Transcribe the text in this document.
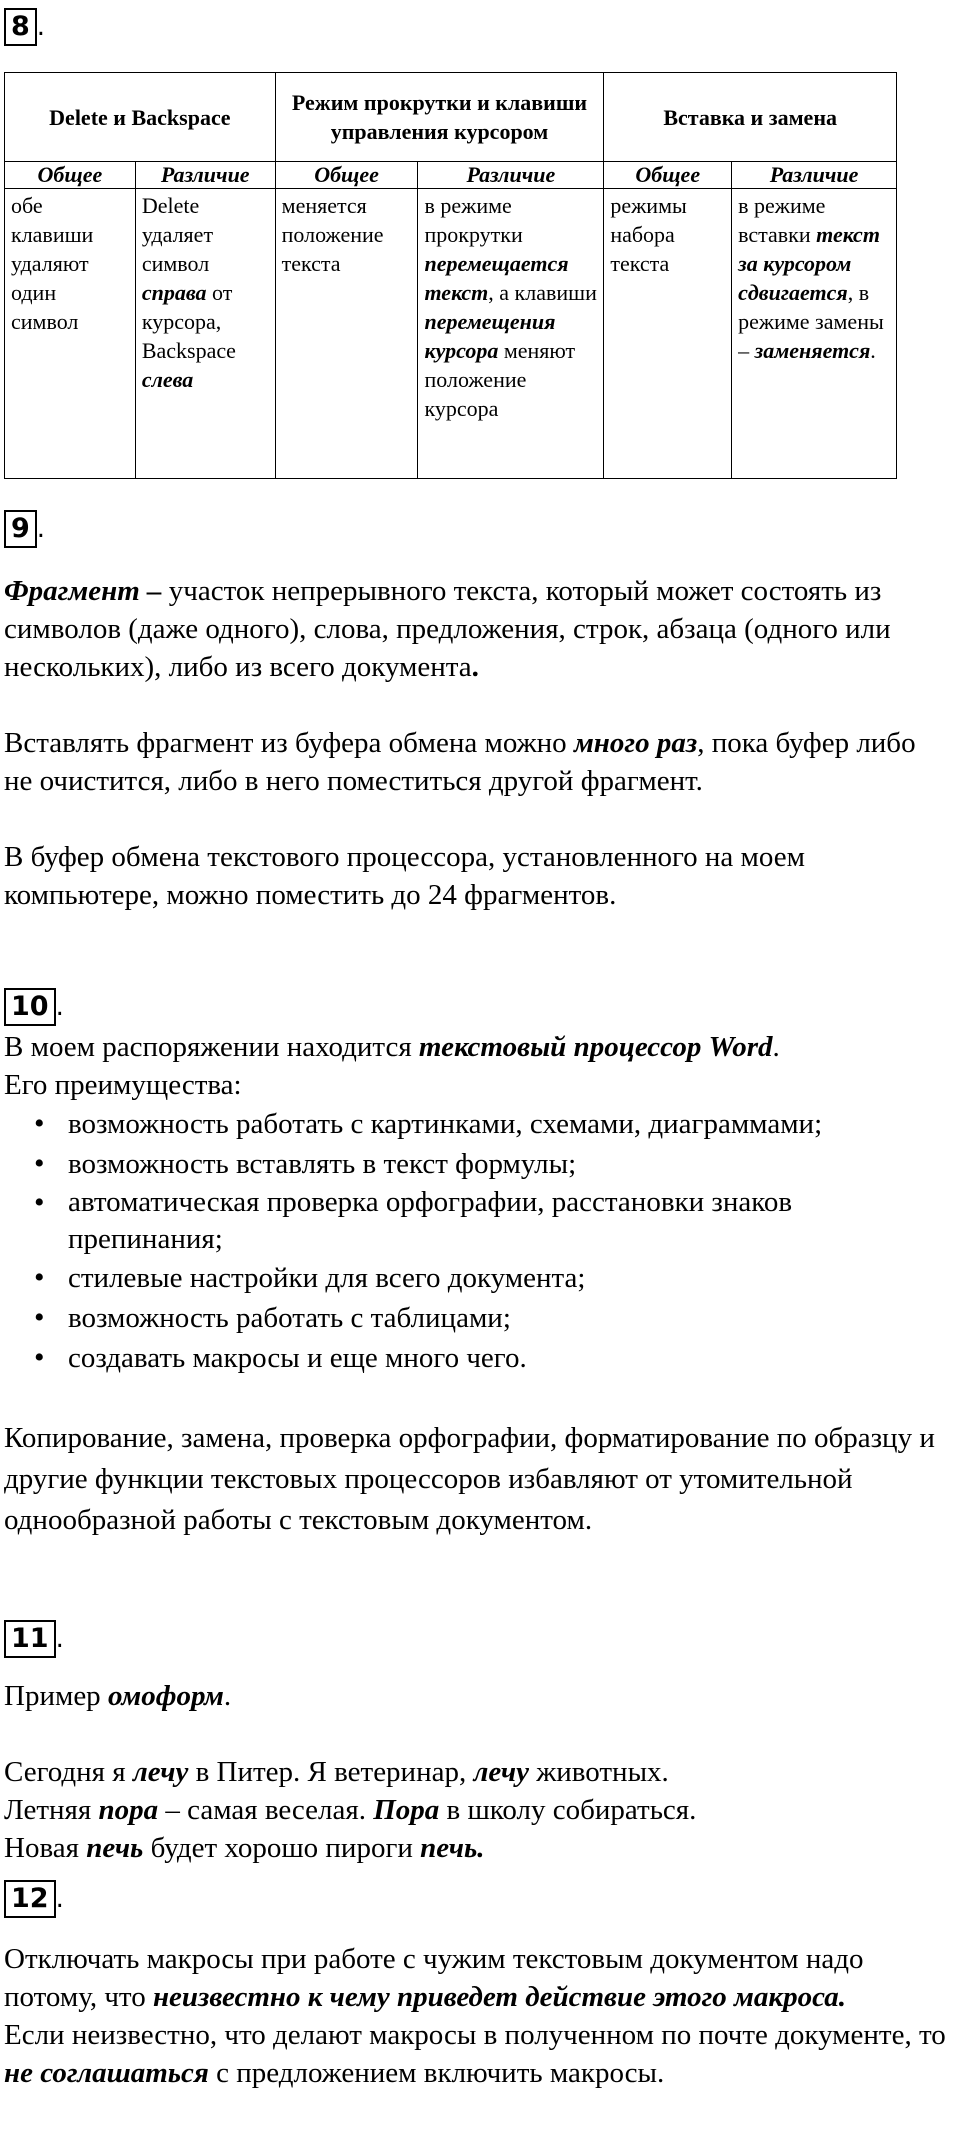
8 .
Delete и Backspace		Режим прокрутки и клавиши управления курсором		Вставка и замена	
Общее	Различие	Общее	Различие	Общее	Различие
обе клавиши удаляют один символ	Delete удаляет символ справа от курсора, Backspace слева	меняется положение текста	в режиме прокрутки перемещается текст, а клавиши перемещения курсора меняют положение курсора	режимы набора текста	в режиме вставки текст за курсором сдвигается, в режиме замены – заменяется.
9 .

Фрагмент – участок непрерывного текста, который может состоять из символов (даже одного), слова, предложения, строк, абзаца (одного или нескольких), либо из всего документа.

Вставлять фрагмент из буфера обмена можно много раз, пока буфер либо не очистится, либо в него поместиться другой фрагмент.

В буфер обмена текстового процессора, установленного на моем компьютере, можно поместить до 24 фрагментов.

10 .

В моем распоряжении находится текстовый процессор Word.

Его преимущества:

• возможность работать с картинками, схемами, диаграммами;
• возможность вставлять в текст формулы;
• автоматическая проверка орфографии, расстановки знаков препинания;
• стилевые настройки для всего документа;
• возможность работать с таблицами;
• создавать макросы и еще много чего.

Копирование, замена, проверка орфографии, форматирование по образцу и другие функции текстовых процессоров избавляют от утомительной однообразной работы с текстовым документом.

11 .

Пример омоформ.

Сегодня я лечу в Питер. Я ветеринар, лечу животных.

Летняя пора – самая веселая. Пора в школу собираться.

Новая печь будет хорошо пироги печь.

12 .

Отключать макросы при работе с чужим текстовым документом надо потому, что неизвестно к чему приведет действие этого макроса.

Если неизвестно, что делают макросы в полученном по почте документе, то не соглашаться с предложением включить макросы.
